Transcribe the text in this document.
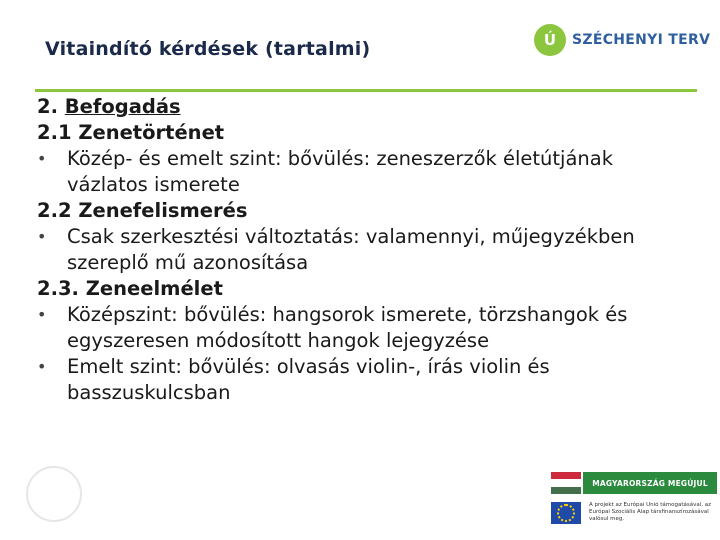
Vitaindító kérdések (tartalmi)	Ú	SZÉCHENYI TERV
2. Befogadás
2.1 Zenetörténet
• Közép- és emelt szint: bővülés: zeneszerzők életútjának vázlatos ismerete
2.2 Zenefelismerés
• Csak szerkesztési változtatás: valamennyi, műjegyzékben szereplő mű azonosítása
2.3. Zeneelmélet
• Középszint: bővülés: hangsorok ismerete, törzshangok és egyszeresen módosított hangok lejegyzése
• Emelt szint: bővülés: olvasás violin-, írás violin és basszuskulcsban
MAGYARORSZÁG MEGÚJUL
A projekt az Európai Unió támogatásával, az Európai Szociális Alap társfinanszírozásával valósul meg.
